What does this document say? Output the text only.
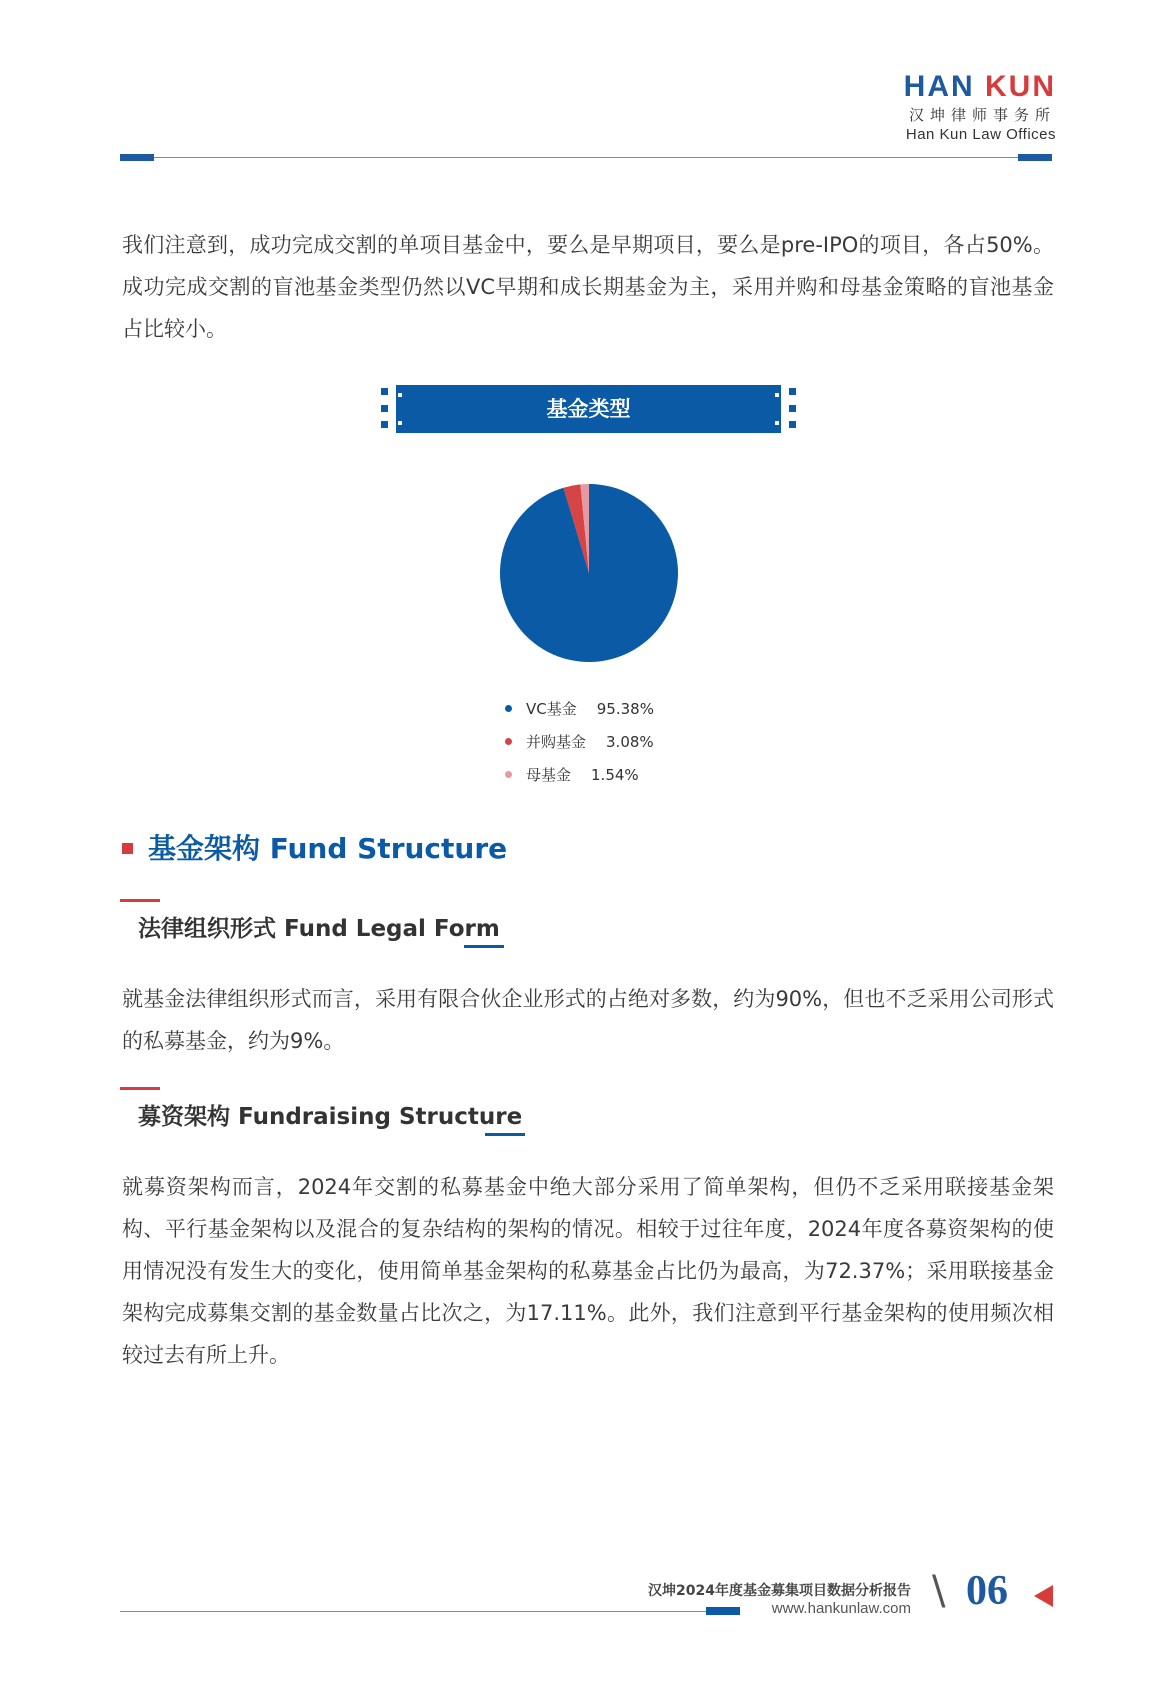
HAN KUN
汉坤律师事务所
Han Kun Law Offices
我们注意到，成功完成交割的单项目基金中，要么是早期项目，要么是pre-IPO的项目，各占50%。成功完成交割的盲池基金类型仍然以VC早期和成长期基金为主，采用并购和母基金策略的盲池基金占比较小。
基金类型
VC基金 95.38%
并购基金 3.08%
母基金 1.54%
基金架构 Fund Structure
法律组织形式 Fund Legal Form
就基金法律组织形式而言，采用有限合伙企业形式的占绝对多数，约为90%，但也不乏采用公司形式的私募基金，约为9%。
募资架构 Fundraising Structure
就募资架构而言，2024年交割的私募基金中绝大部分采用了简单架构，但仍不乏采用联接基金架构、平行基金架构以及混合的复杂结构的架构的情况。相较于过往年度，2024年度各募资架构的使用情况没有发生大的变化，使用简单基金架构的私募基金占比仍为最高，为72.37%；采用联接基金架构完成募集交割的基金数量占比次之，为17.11%。此外，我们注意到平行基金架构的使用频次相较过去有所上升。
汉坤2024年度基金募集项目数据分析报告
www.hankunlaw.com \ 06
